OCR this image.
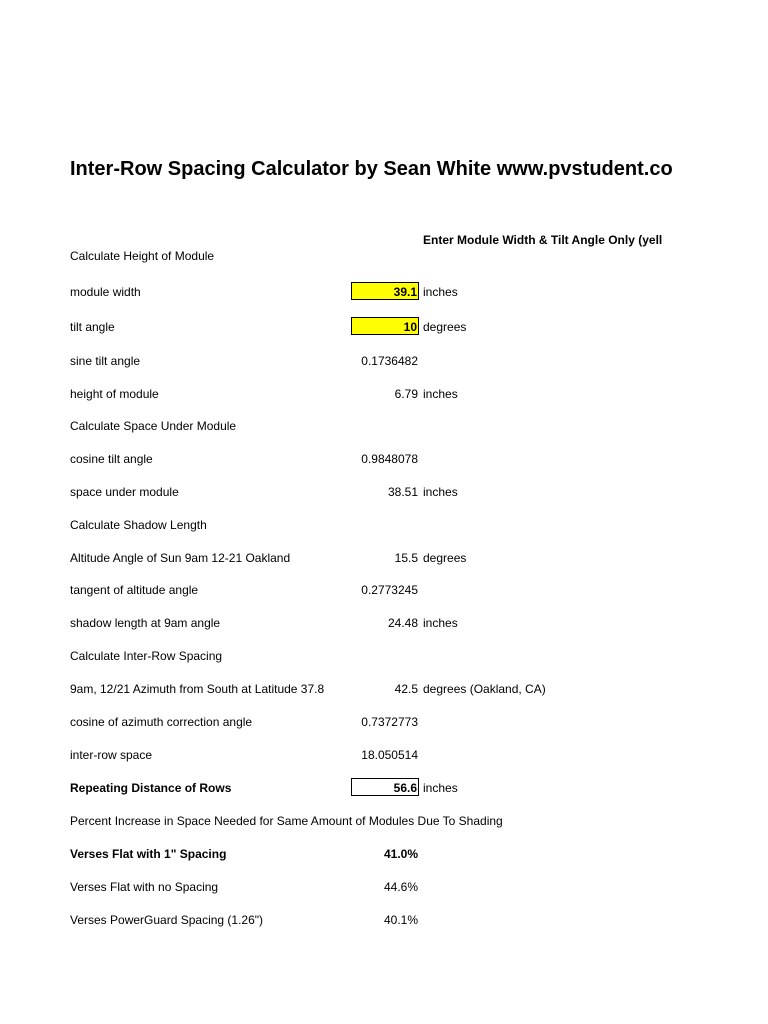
Inter-Row Spacing Calculator by Sean White www.pvstudent.co
Enter Module Width & Tilt Angle Only (yell
Calculate Height of Module
module width	39.1 inches
tilt angle	10 degrees
sine tilt angle	0.1736482
height of module	6.79 inches
Calculate Space Under Module
cosine tilt angle	0.9848078
space under module	38.51 inches
Calculate Shadow Length
Altitude Angle of Sun 9am 12-21 Oakland	15.5 degrees
tangent of altitude angle	0.2773245
shadow length at 9am angle	24.48 inches
Calculate Inter-Row Spacing
9am, 12/21 Azimuth from South at Latitude 37.8	42.5 degrees (Oakland, CA)
cosine of azimuth correction angle	0.7372773
inter-row space	18.050514
Repeating Distance of Rows	56.6 inches
Percent Increase in Space Needed for Same Amount of Modules Due To Shading
Verses Flat with 1" Spacing	41.0%
Verses Flat with no Spacing	44.6%
Verses PowerGuard Spacing (1.26")	40.1%
